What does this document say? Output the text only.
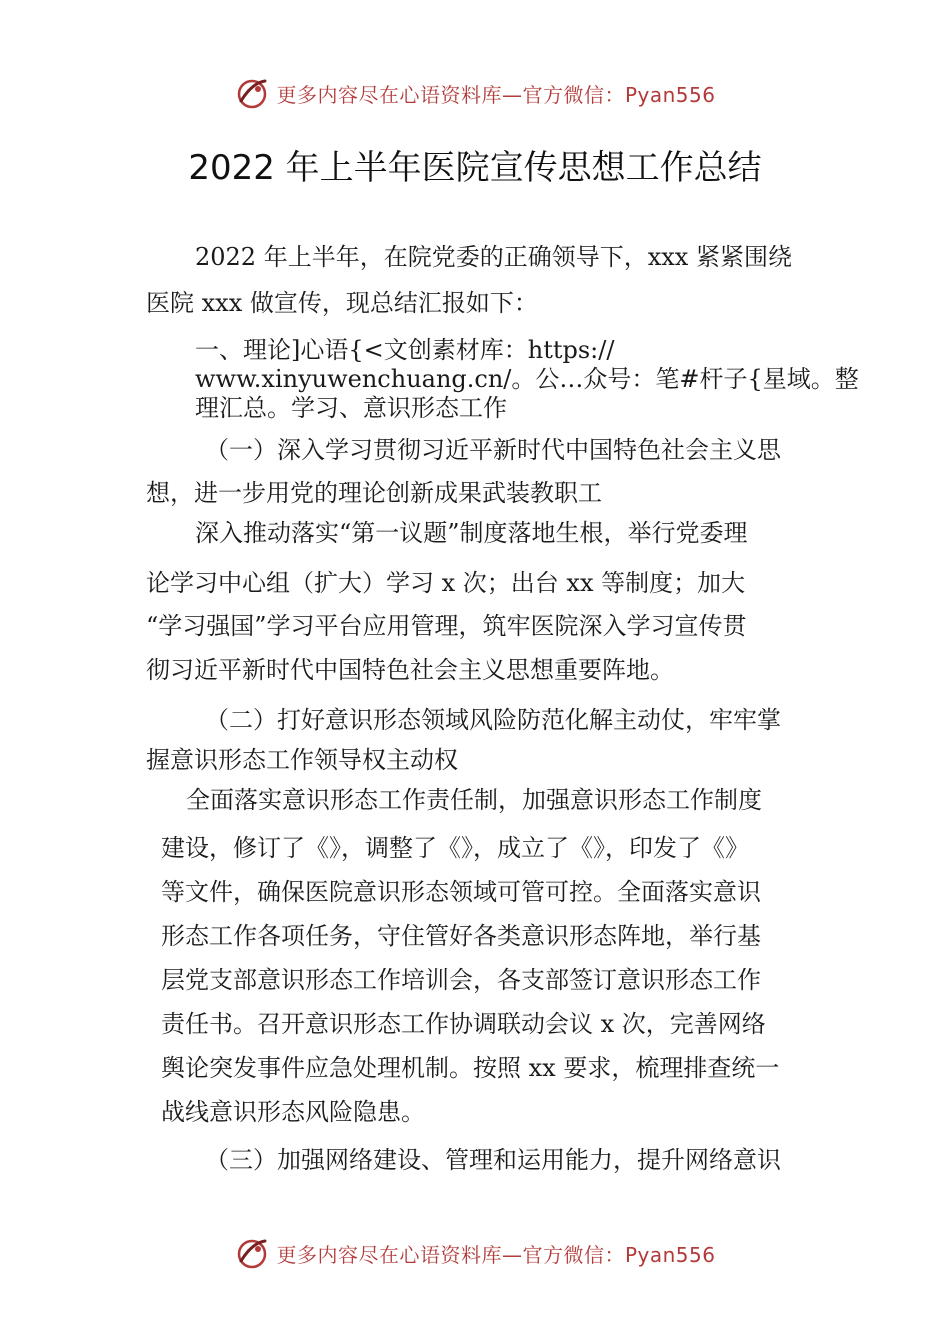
更多内容尽在心语资料库—官方微信：Pyan556
2022 年上半年医院宣传思想工作总结
2022 年上半年，在院党委的正确领导下，xxx 紧紧围绕
医院 xxx 做宣传，现总结汇报如下：
一、理论]心语{<文创素材库：https://
www.xinyuwenchuang.cn/。公…众号：笔#杆子{星域。整
理汇总。学习、意识形态工作
（一）深入学习贯彻习近平新时代中国特色社会主义思
想，进一步用党的理论创新成果武装教职工
深入推动落实“第一议题”制度落地生根，举行党委理
论学习中心组（扩大）学习 x 次；出台 xx 等制度；加大
“学习强国”学习平台应用管理，筑牢医院深入学习宣传贯
彻习近平新时代中国特色社会主义思想重要阵地。
（二）打好意识形态领域风险防范化解主动仗，牢牢掌
握意识形态工作领导权主动权
全面落实意识形态工作责任制，加强意识形态工作制度
建设，修订了《》，调整了《》，成立了《》，印发了《》
等文件，确保医院意识形态领域可管可控。全面落实意识
形态工作各项任务，守住管好各类意识形态阵地，举行基
层党支部意识形态工作培训会，各支部签订意识形态工作
责任书。召开意识形态工作协调联动会议 x 次，完善网络
舆论突发事件应急处理机制。按照 xx 要求，梳理排查统一
战线意识形态风险隐患。
（三）加强网络建设、管理和运用能力，提升网络意识
更多内容尽在心语资料库—官方微信：Pyan556
